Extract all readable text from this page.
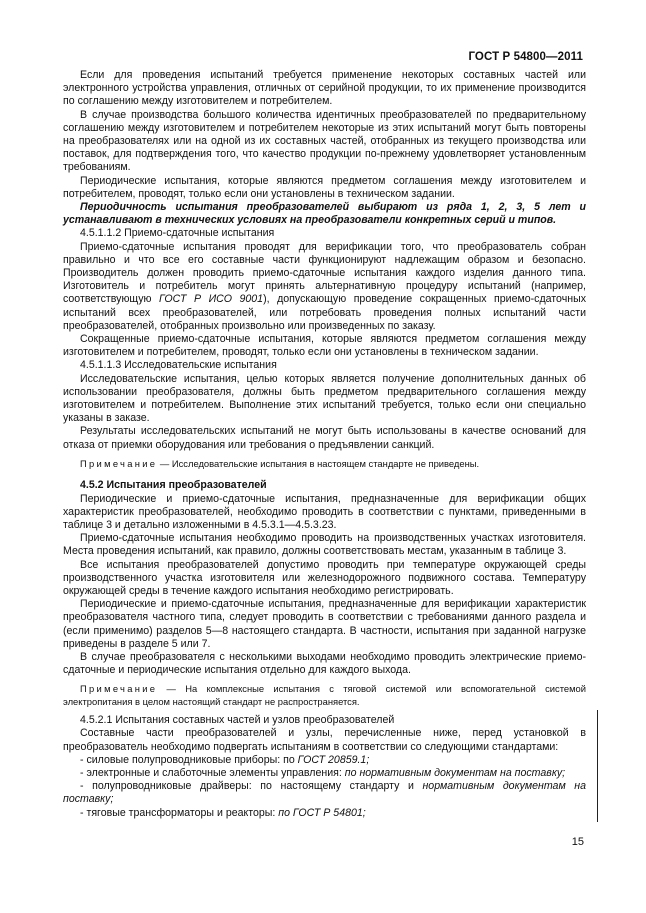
ГОСТ Р 54800—2011

Если для проведения испытаний требуется применение некоторых составных частей или электронного устройства управления, отличных от серийной продукции, то их применение производится по соглашению между изготовителем и потребителем.

В случае производства большого количества идентичных преобразователей по предварительному соглашению между изготовителем и потребителем некоторые из этих испытаний могут быть повторены на преобразователях или на одной из их составных частей, отобранных из текущего производства или поставок, для подтверждения того, что качество продукции по-прежнему удовлетворяет установленным требованиям.

Периодические испытания, которые являются предметом соглашения между изготовителем и потребителем, проводят, только если они установлены в техническом задании.

Периодичность испытания преобразователей выбирают из ряда 1, 2, 3, 5 лет и устанавливают в технических условиях на преобразователи конкретных серий и типов.

4.5.1.1.2 Приемо-сдаточные испытания

Приемо-сдаточные испытания проводят для верификации того, что преобразователь собран правильно и что все его составные части функционируют надлежащим образом и безопасно. Производитель должен проводить приемо-сдаточные испытания каждого изделия данного типа. Изготовитель и потребитель могут принять альтернативную процедуру испытаний (например, соответствующую ГОСТ Р ИСО 9001), допускающую проведение сокращенных приемо-сдаточных испытаний всех преобразователей, или потребовать проведения полных испытаний части преобразователей, отобранных произвольно или произведенных по заказу.

Сокращенные приемо-сдаточные испытания, которые являются предметом соглашения между изготовителем и потребителем, проводят, только если они установлены в техническом задании.

4.5.1.1.3 Исследовательские испытания

Исследовательские испытания, целью которых является получение дополнительных данных об использовании преобразователя, должны быть предметом предварительного соглашения между изготовителем и потребителем. Выполнение этих испытаний требуется, только если они специально указаны в заказе.

Результаты исследовательских испытаний не могут быть использованы в качестве оснований для отказа от приемки оборудования или требования о предъявлении санкций.

Примечание — Исследовательские испытания в настоящем стандарте не приведены.

4.5.2 Испытания преобразователей

Периодические и приемо-сдаточные испытания, предназначенные для верификации общих характеристик преобразователей, необходимо проводить в соответствии с пунктами, приведенными в таблице 3 и детально изложенными в 4.5.3.1—4.5.3.23.

Приемо-сдаточные испытания необходимо проводить на производственных участках изготовителя. Места проведения испытаний, как правило, должны соответствовать местам, указанным в таблице 3.

Все испытания преобразователей допустимо проводить при температуре окружающей среды производственного участка изготовителя или железнодорожного подвижного состава. Температуру окружающей среды в течение каждого испытания необходимо регистрировать.

Периодические и приемо-сдаточные испытания, предназначенные для верификации характеристик преобразователя частного типа, следует проводить в соответствии с требованиями данного раздела и (если применимо) разделов 5—8 настоящего стандарта. В частности, испытания при заданной нагрузке приведены в разделе 5 или 7.

В случае преобразователя с несколькими выходами необходимо проводить электрические приемо-сдаточные и периодические испытания отдельно для каждого выхода.

Примечание — На комплексные испытания с тяговой системой или вспомогательной системой электропитания в целом настоящий стандарт не распространяется.

4.5.2.1 Испытания составных частей и узлов преобразователей

Составные части преобразователей и узлы, перечисленные ниже, перед установкой в преобразователь необходимо подвергать испытаниям в соответствии со следующими стандартами:

- силовые полупроводниковые приборы: по ГОСТ 20859.1;

- электронные и слаботочные элементы управления: по нормативным документам на поставку;

- полупроводниковые драйверы: по настоящему стандарту и нормативным документам на поставку;

- тяговые трансформаторы и реакторы: по ГОСТ Р 54801;

15
